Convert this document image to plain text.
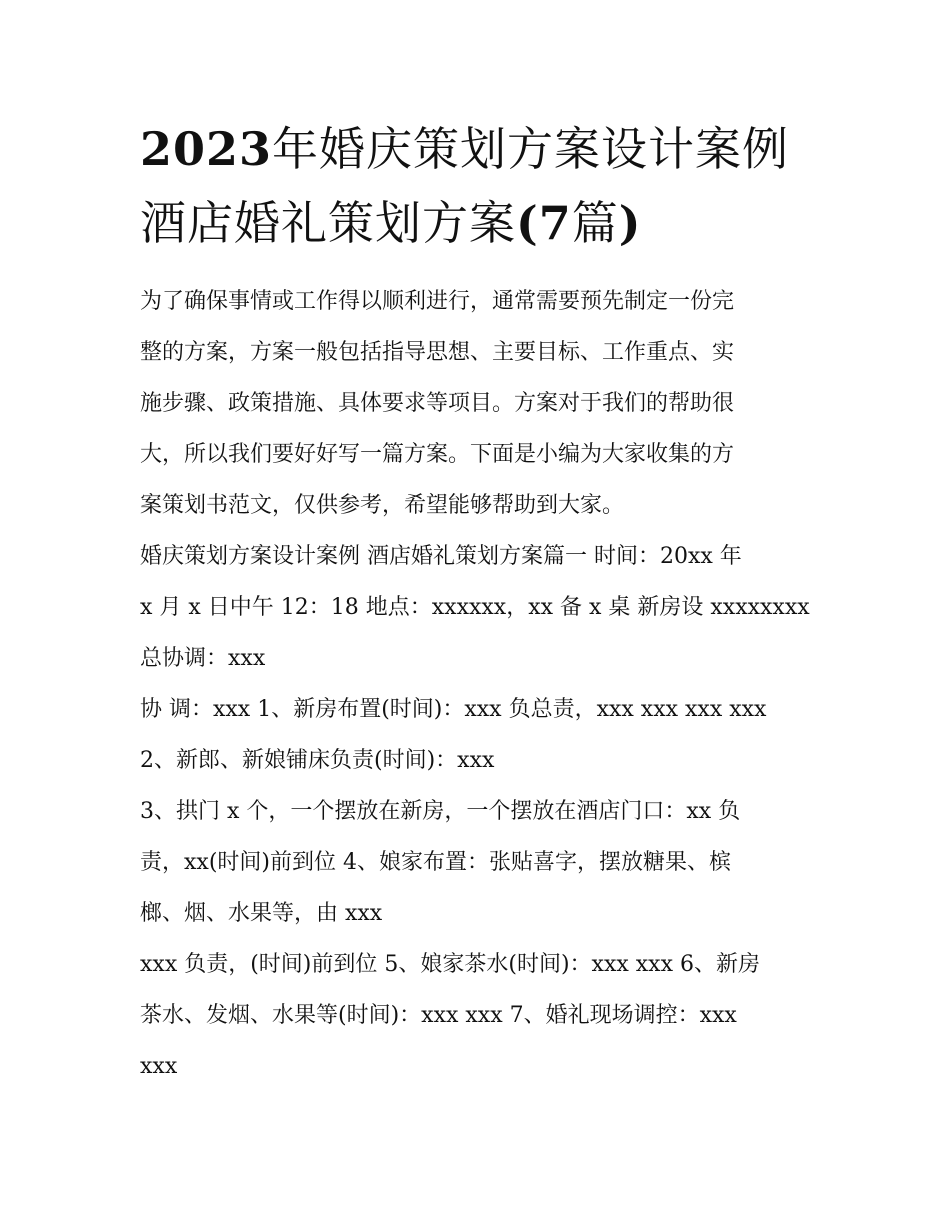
2023年婚庆策划方案设计案例
酒店婚礼策划方案(7篇)

为了确保事情或工作得以顺利进行，通常需要预先制定一份完
整的方案，方案一般包括指导思想、主要目标、工作重点、实
施步骤、政策措施、具体要求等项目。方案对于我们的帮助很
大，所以我们要好好写一篇方案。下面是小编为大家收集的方
案策划书范文，仅供参考，希望能够帮助到大家。

婚庆策划方案设计案例 酒店婚礼策划方案篇一 时间：20xx 年
x 月 x 日中午 12：18 地点：xxxxxx，xx 备 x 桌 新房设 xxxxxxxx
总协调：xxx

协 调：xxx 1、新房布置(时间)：xxx 负总责，xxx xxx xxx xxx

2、新郎、新娘铺床负责(时间)：xxx

3、拱门 x 个，一个摆放在新房，一个摆放在酒店门口：xx 负
责，xx(时间)前到位 4、娘家布置：张贴喜字，摆放糖果、槟
榔、烟、水果等，由 xxx

xxx 负责，(时间)前到位 5、娘家茶水(时间)：xxx xxx 6、新房
茶水、发烟、水果等(时间)：xxx xxx 7、婚礼现场调控：xxx
xxx
